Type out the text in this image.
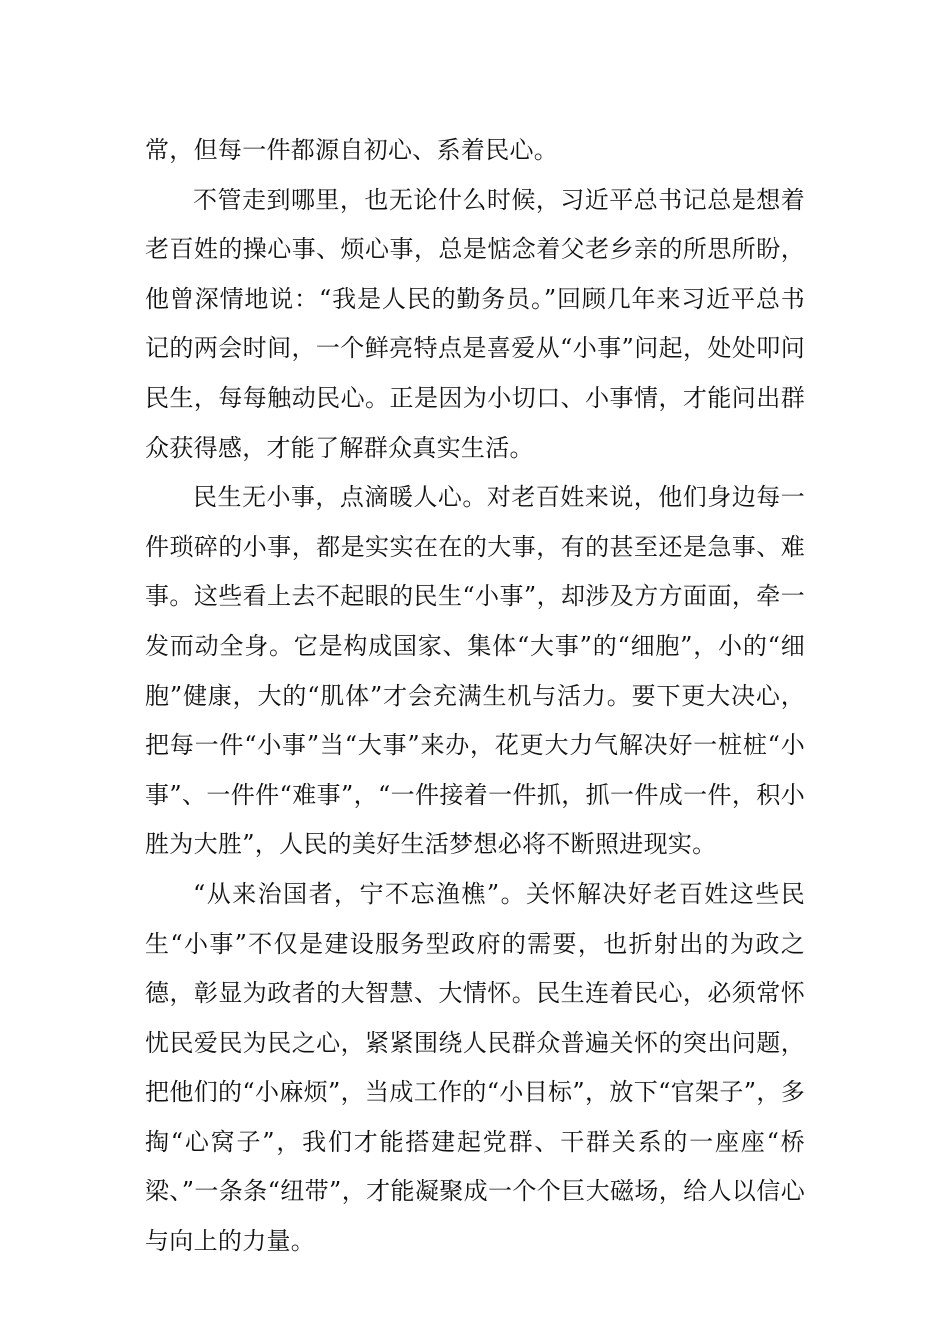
常，但每一件都源自初心、系着民心。

不管走到哪里，也无论什么时候，习近平总书记总是想着老百姓的操心事、烦心事，总是惦念着父老乡亲的所思所盼，他曾深情地说：“我是人民的勤务员。”回顾几年来习近平总书记的两会时间，一个鲜亮特点是喜爱从“小事”问起，处处叩问民生，每每触动民心。正是因为小切口、小事情，才能问出群众获得感，才能了解群众真实生活。

民生无小事，点滴暖人心。对老百姓来说，他们身边每一件琐碎的小事，都是实实在在的大事，有的甚至还是急事、难事。这些看上去不起眼的民生“小事”，却涉及方方面面，牵一发而动全身。它是构成国家、集体“大事”的“细胞”，小的“细胞”健康，大的“肌体”才会充满生机与活力。要下更大决心，把每一件“小事”当“大事”来办，花更大力气解决好一桩桩“小事”、一件件“难事”，“一件接着一件抓，抓一件成一件，积小胜为大胜”，人民的美好生活梦想必将不断照进现实。

“从来治国者，宁不忘渔樵”。关怀解决好老百姓这些民生“小事”不仅是建设服务型政府的需要，也折射出的为政之德，彰显为政者的大智慧、大情怀。民生连着民心，必须常怀忧民爱民为民之心，紧紧围绕人民群众普遍关怀的突出问题，把他们的“小麻烦”，当成工作的“小目标”，放下“官架子”，多掏“心窝子”，我们才能搭建起党群、干群关系的一座座“桥梁、”一条条“纽带”，才能凝聚成一个个巨大磁场，给人以信心与向上的力量。
